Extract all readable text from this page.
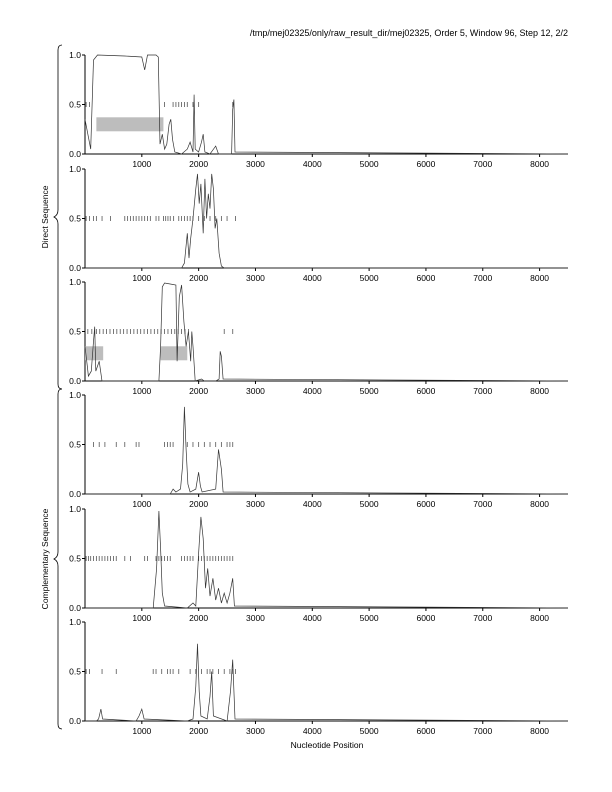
/tmp/mej02325/only/raw_result_dir/mej02325, Order 5, Window 96, Step 12, 2/2
0.0
0.5
1.0
1000	2000	3000	4000	5000	6000	7000	8000
0.0
0.5
1.0
1000	2000	3000	4000	5000	6000	7000	8000
0.0
0.5
1.0
1000	2000	3000	4000	5000	6000	7000	8000
0.0
0.5
1.0
1000	2000	3000	4000	5000	6000	7000	8000
0.0
0.5
1.0
1000	2000	3000	4000	5000	6000	7000	8000
0.0
0.5
1.0
1000	2000	3000	4000	5000	6000	7000	8000
Nucleotide Position
Direct Sequence
Complementary Sequence
